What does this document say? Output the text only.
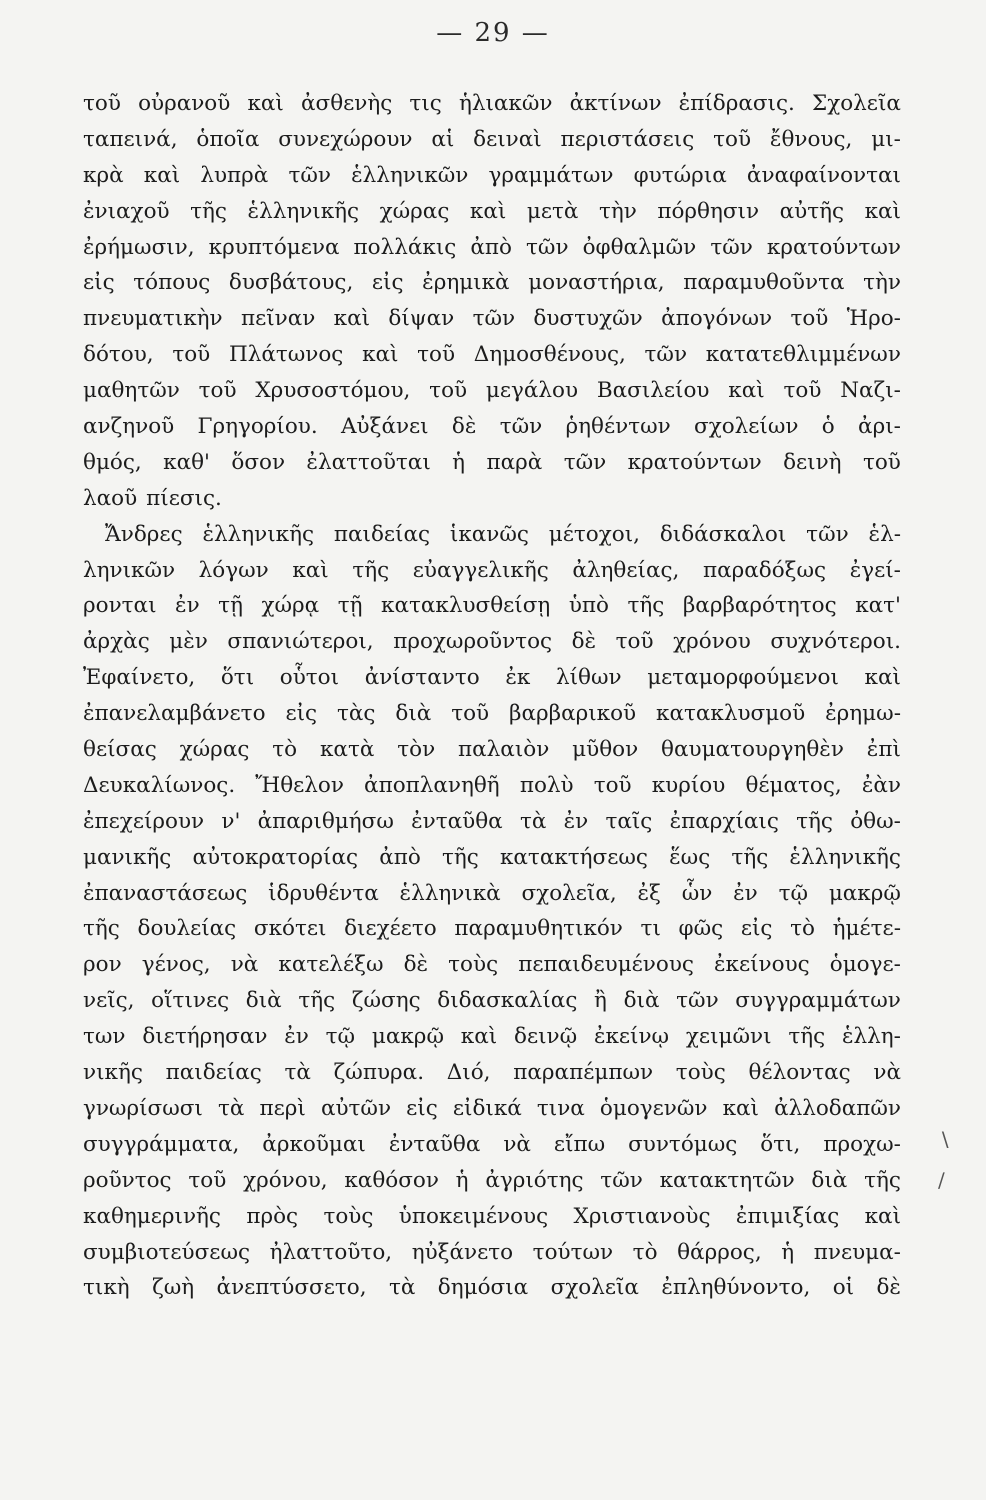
— 29 —
τοῦ οὐρανοῦ καὶ ἀσθενὴς τις ἡλιακῶν ἀκτίνων ἐπίδρασις. Σχολεῖα
ταπεινά, ὁποῖα συνεχώρουν αἱ δειναὶ περιστάσεις τοῦ ἔθνους, μι-
κρὰ καὶ λυπρὰ τῶν ἑλληνικῶν γραμμάτων φυτώρια ἀναφαίνονται
ἐνιαχοῦ τῆς ἑλληνικῆς χώρας καὶ μετὰ τὴν πόρθησιν αὐτῆς καὶ
ἐρήμωσιν, κρυπτόμενα πολλάκις ἀπὸ τῶν ὀφθαλμῶν τῶν κρατούντων
εἰς τόπους δυσβάτους, εἰς ἐρημικὰ μοναστήρια, παραμυθοῦντα τὴν
πνευματικὴν πεῖναν καὶ δίψαν τῶν δυστυχῶν ἀπογόνων τοῦ Ἡρο-
δότου, τοῦ Πλάτωνος καὶ τοῦ Δημοσθένους, τῶν κατατεθλιμμένων
μαθητῶν τοῦ Χρυσοστόμου, τοῦ μεγάλου Βασιλείου καὶ τοῦ Ναζι-
ανζηνοῦ Γρηγορίου. Αὐξάνει δὲ τῶν ῥηθέντων σχολείων ὁ ἀρι-
θμός, καθ' ὅσον ἐλαττοῦται ἡ παρὰ τῶν κρατούντων δεινὴ τοῦ
λαοῦ πίεσις.
Ἄνδρες ἑλληνικῆς παιδείας ἱκανῶς μέτοχοι, διδάσκαλοι τῶν ἑλ-
ληνικῶν λόγων καὶ τῆς εὐαγγελικῆς ἀληθείας, παραδόξως ἐγεί-
ρονται ἐν τῇ χώρᾳ τῇ κατακλυσθείσῃ ὑπὸ τῆς βαρβαρότητος κατ'
ἀρχὰς μὲν σπανιώτεροι, προχωροῦντος δὲ τοῦ χρόνου συχνότεροι.
Ἐφαίνετο, ὅτι οὗτοι ἀνίσταντο ἐκ λίθων μεταμορφούμενοι καὶ
ἐπανελαμβάνετο εἰς τὰς διὰ τοῦ βαρβαρικοῦ κατακλυσμοῦ ἐρημω-
θείσας χώρας τὸ κατὰ τὸν παλαιὸν μῦθον θαυματουργηθὲν ἐπὶ
Δευκαλίωνος. Ἤθελον ἀποπλανηθῆ πολὺ τοῦ κυρίου θέματος, ἐὰν
ἐπεχείρουν ν' ἀπαριθμήσω ἐνταῦθα τὰ ἐν ταῖς ἐπαρχίαις τῆς ὀθω-
μανικῆς αὐτοκρατορίας ἀπὸ τῆς κατακτήσεως ἕως τῆς ἑλληνικῆς
ἐπαναστάσεως ἱδρυθέντα ἑλληνικὰ σχολεῖα, ἐξ ὧν ἐν τῷ μακρῷ
τῆς δουλείας σκότει διεχέετο παραμυθητικόν τι φῶς εἰς τὸ ἡμέτε-
ρον γένος, νὰ κατελέξω δὲ τοὺς πεπαιδευμένους ἐκείνους ὁμογε-
νεῖς, οἵτινες διὰ τῆς ζώσης διδασκαλίας ἢ διὰ τῶν συγγραμμάτων
των διετήρησαν ἐν τῷ μακρῷ καὶ δεινῷ ἐκείνῳ χειμῶνι τῆς ἑλλη-
νικῆς παιδείας τὰ ζώπυρα. Διό, παραπέμπων τοὺς θέλοντας νὰ
γνωρίσωσι τὰ περὶ αὐτῶν εἰς εἰδικά τινα ὁμογενῶν καὶ ἀλλοδαπῶν
συγγράμματα, ἀρκοῦμαι ἐνταῦθα νὰ εἴπω συντόμως ὅτι, προχω-
ροῦντος τοῦ χρόνου, καθόσον ἡ ἀγριότης τῶν κατακτητῶν διὰ τῆς
καθημερινῆς πρὸς τοὺς ὑποκειμένους Χριστιανοὺς ἐπιμιξίας καὶ
συμβιοτεύσεως ἠλαττοῦτο, ηὐξάνετο τούτων τὸ θάρρος, ἡ πνευμα-
τικὴ ζωὴ ἀνεπτύσσετο, τὰ δημόσια σχολεῖα ἐπληθύνοντο, οἱ δὲ
∖
∕
